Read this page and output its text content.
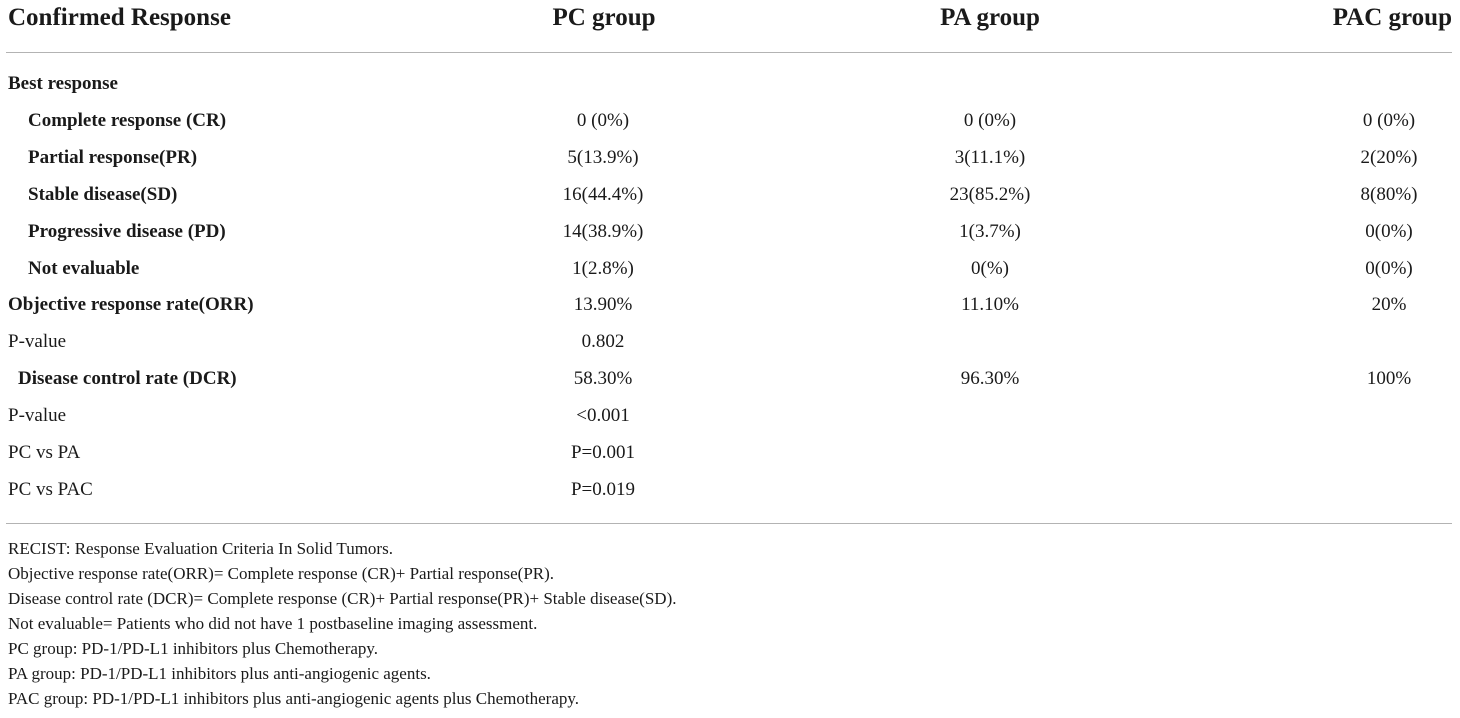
Confirmed Response	PC group	PA group	PAC group
Best response
Complete response (CR)	0 (0%)	0 (0%)	0 (0%)
Partial response(PR)	5(13.9%)	3(11.1%)	2(20%)
Stable disease(SD)	16(44.4%)	23(85.2%)	8(80%)
Progressive disease (PD)	14(38.9%)	1(3.7%)	0(0%)
Not evaluable	1(2.8%)	0(%)	0(0%)
Objective response rate(ORR)	13.90%	11.10%	20%
P-value	0.802
Disease control rate (DCR)	58.30%	96.30%	100%
P-value	<0.001
PC vs PA	P=0.001
PC vs PAC	P=0.019
RECIST: Response Evaluation Criteria In Solid Tumors.
Objective response rate(ORR)= Complete response (CR)+ Partial response(PR).
Disease control rate (DCR)= Complete response (CR)+ Partial response(PR)+ Stable disease(SD).
Not evaluable= Patients who did not have 1 postbaseline imaging assessment.
PC group: PD-1/PD-L1 inhibitors plus Chemotherapy.
PA group: PD-1/PD-L1 inhibitors plus anti-angiogenic agents.
PAC group: PD-1/PD-L1 inhibitors plus anti-angiogenic agents plus Chemotherapy.
